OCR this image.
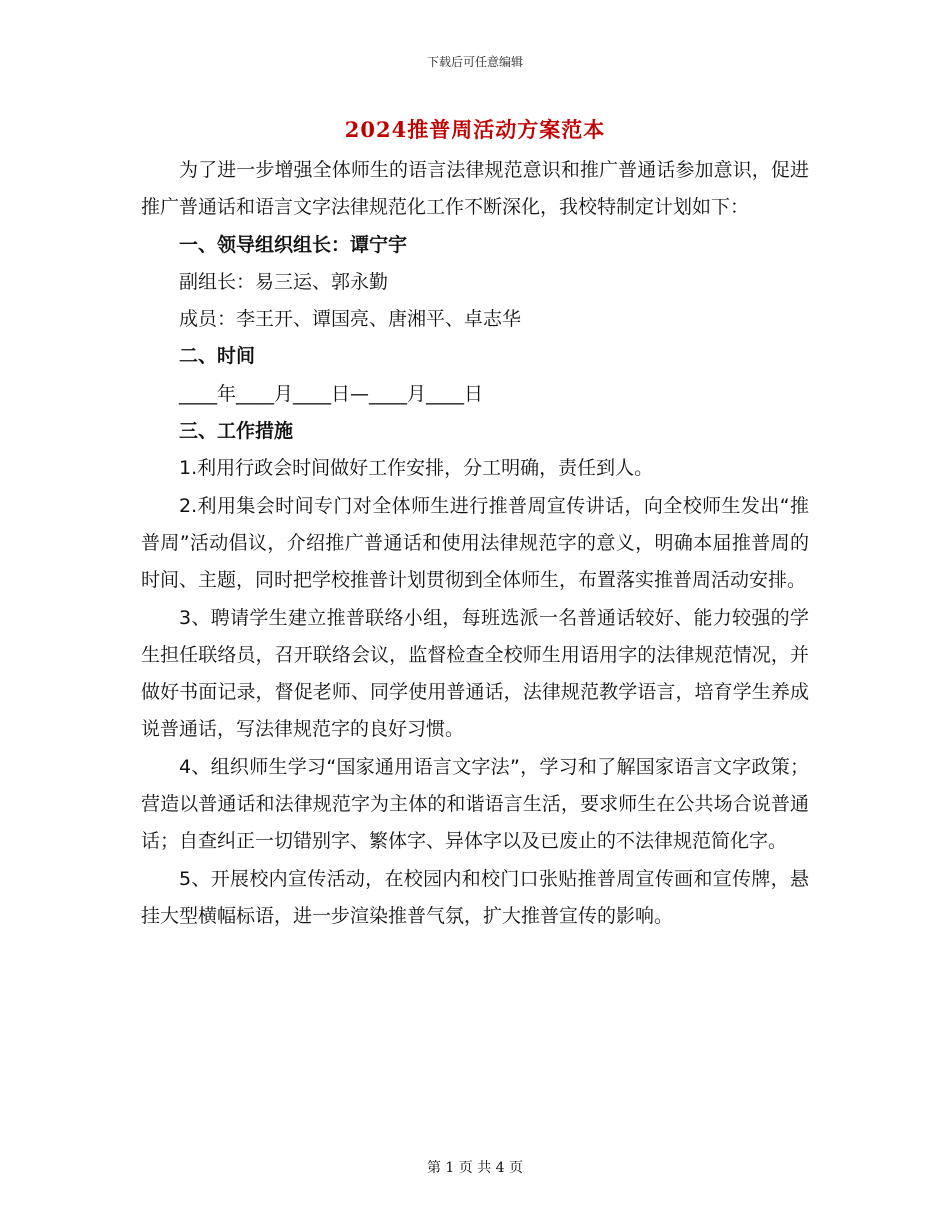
下载后可任意编辑
2024推普周活动方案范本

为了进一步增强全体师生的语言法律规范意识和推广普通话参加意识，促进推广普通话和语言文字法律规范化工作不断深化，我校特制定计划如下：

一、领导组织组长：谭宁宇

副组长：易三运、郭永勤

成员：李王开、谭国亮、唐湘平、卓志华

二、时间

____年____月____日—____月____日

三、工作措施

1.利用行政会时间做好工作安排，分工明确，责任到人。

2.利用集会时间专门对全体师生进行推普周宣传讲话，向全校师生发出“推普周”活动倡议，介绍推广普通话和使用法律规范字的意义，明确本届推普周的时间、主题，同时把学校推普计划贯彻到全体师生，布置落实推普周活动安排。

3、聘请学生建立推普联络小组，每班选派一名普通话较好、能力较强的学生担任联络员，召开联络会议，监督检查全校师生用语用字的法律规范情况，并做好书面记录，督促老师、同学使用普通话，法律规范教学语言，培育学生养成说普通话，写法律规范字的良好习惯。

4、组织师生学习“国家通用语言文字法”，学习和了解国家语言文字政策；营造以普通话和法律规范字为主体的和谐语言生活，要求师生在公共场合说普通话；自查纠正一切错别字、繁体字、异体字以及已废止的不法律规范简化字。

5、开展校内宣传活动，在校园内和校门口张贴推普周宣传画和宣传牌，悬挂大型横幅标语，进一步渲染推普气氛，扩大推普宣传的影响。

第 1 页 共 4 页
